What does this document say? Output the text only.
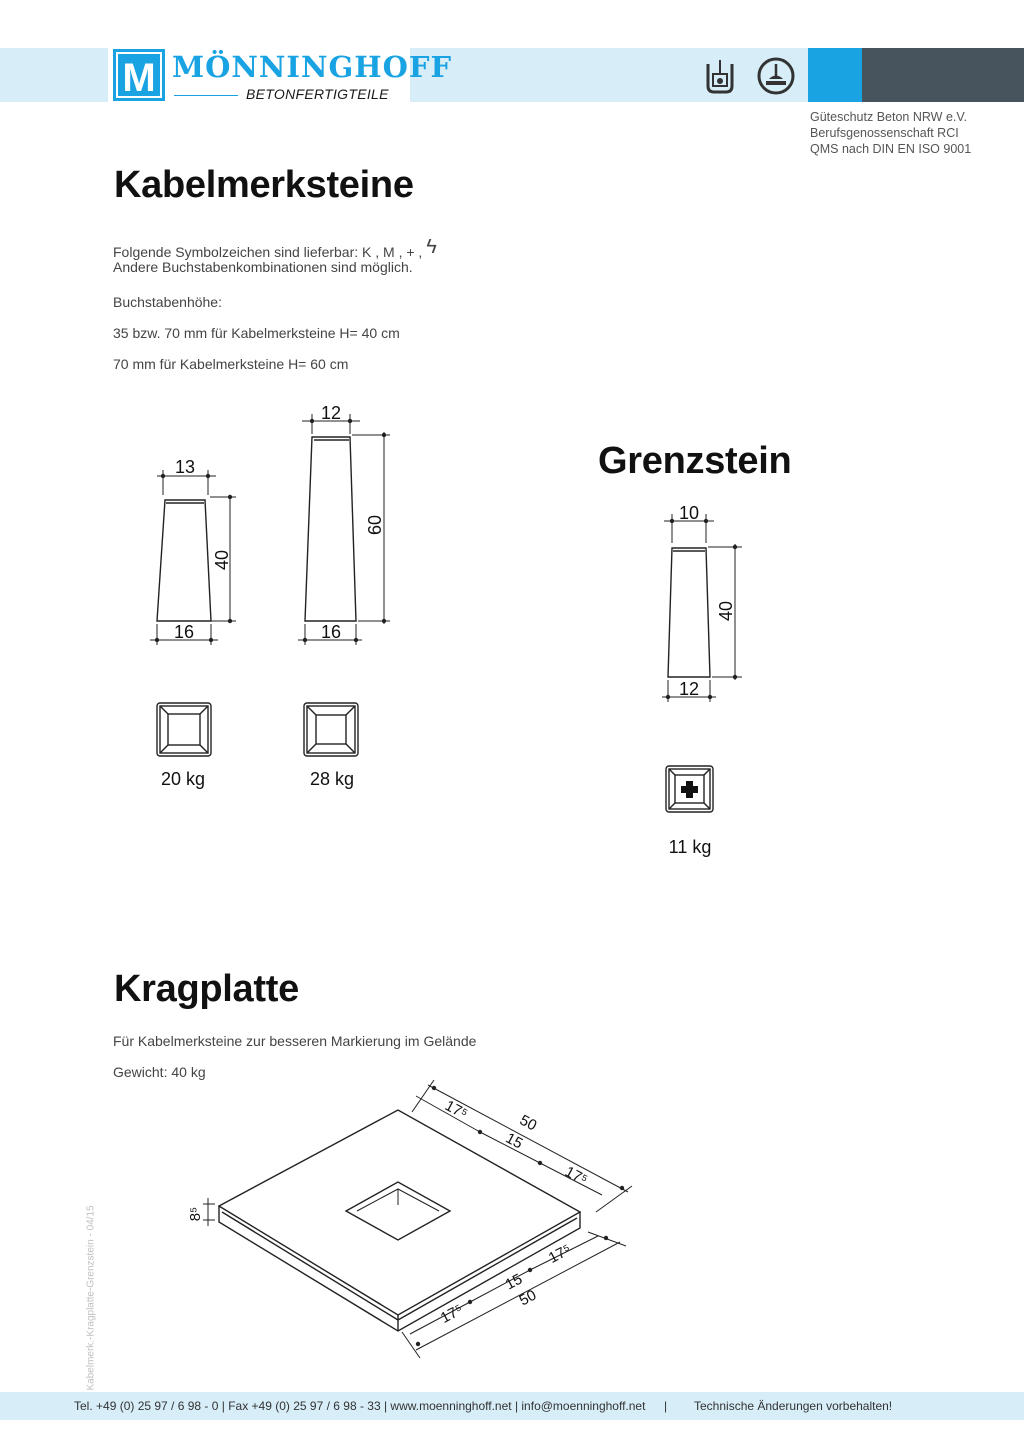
M MÖNNINGHOFF
BETONFERTIGTEILE
Güteschutz Beton NRW e.V.
Berufsgenossenschaft RCI
QMS nach DIN EN ISO 9001
Kabelmerksteine
Folgende Symbolzeichen sind lieferbar: K , M , + , ϟ
Andere Buchstabenkombinationen sind möglich.
Buchstabenhöhe:
35 bzw. 70 mm für Kabelmerksteine H= 40 cm
70 mm für Kabelmerksteine H= 60 cm
13
40
16
12
60
16
10
40
12
17⁵
50
15
17⁵
8⁵
17⁵
15
50
17⁵
20 kg	28 kg
11 kg
Grenzstein
Kragplatte
Für Kabelmerksteine zur besseren Markierung im Gelände
Gewicht: 40 kg
Kabelmerk.-Kragplatte-Grenzstein - 04/15
Tel. +49 (0) 25 97 / 6 98 - 0 | Fax +49 (0) 25 97 / 6 98 - 33 | www.moenninghoff.net | info@moenninghoff.net | Technische Änderungen vorbehalten!
